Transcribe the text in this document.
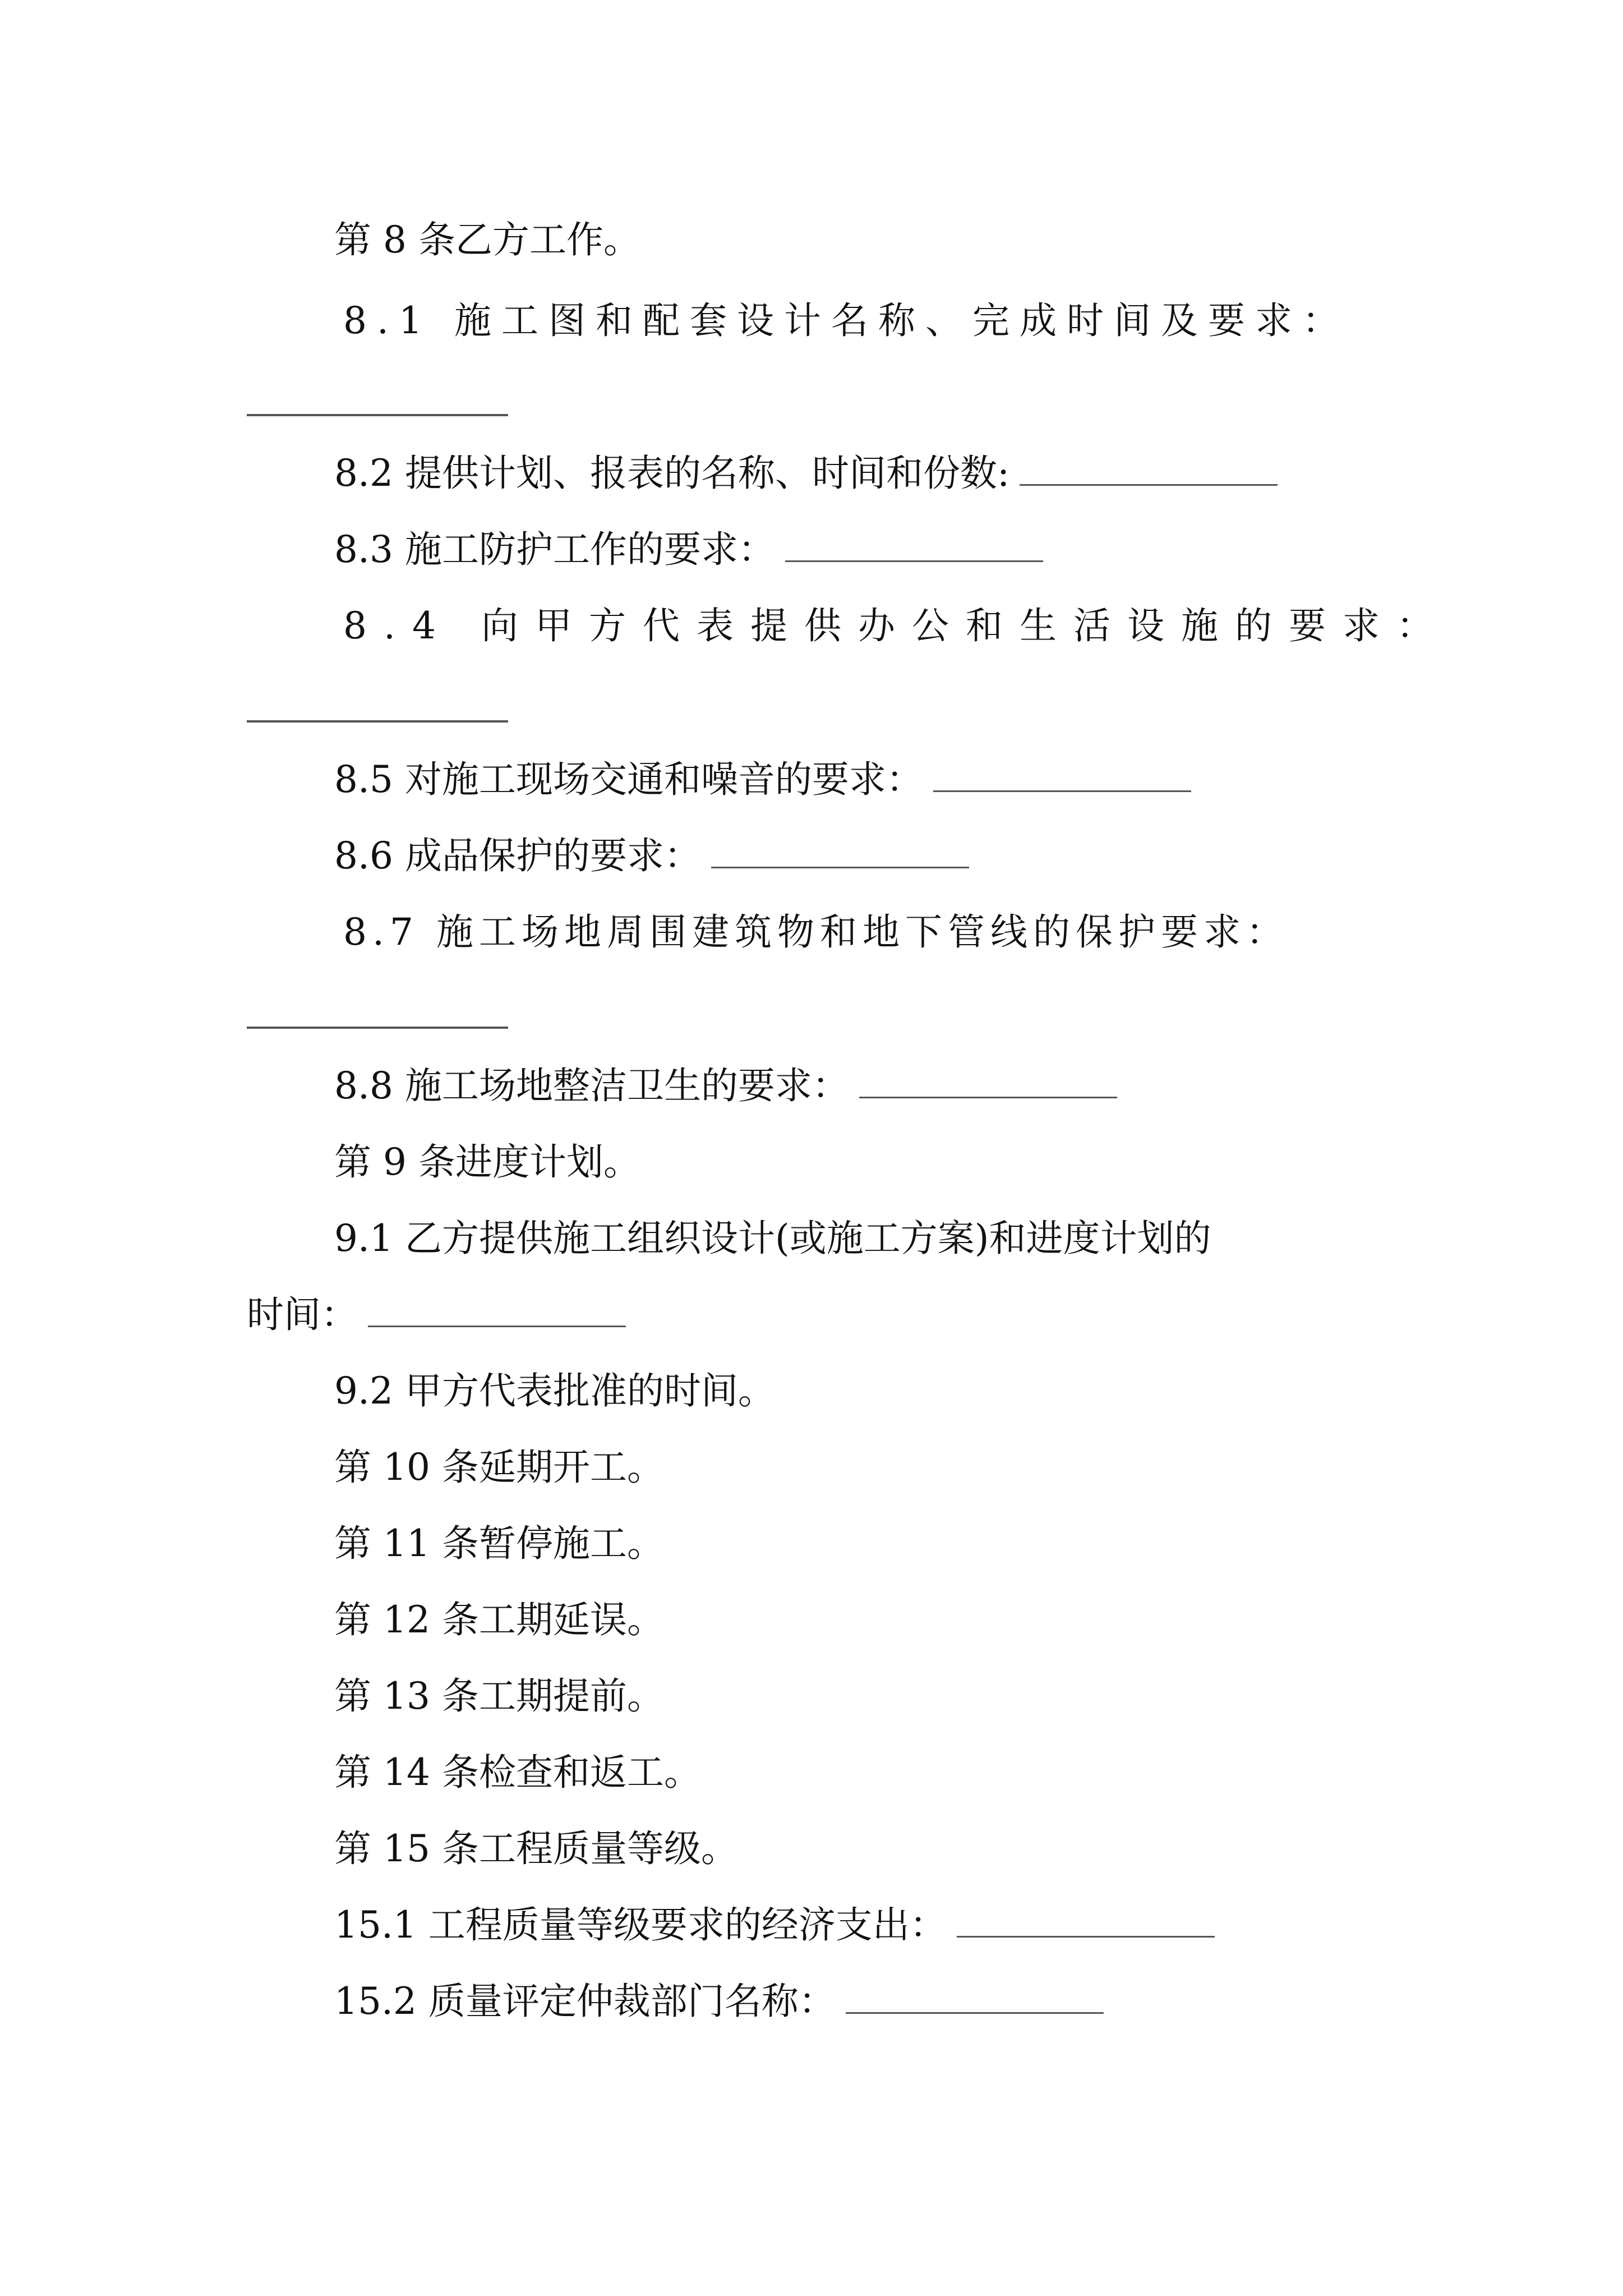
第 8 条乙方工作。
8.1 施工图和配套设计名称、完成时间及要求：
8.2 提供计划、报表的名称、时间和份数:
8.3 施工防护工作的要求：
8.4 向甲方代表提供办公和生活设施的要求：
8.5 对施工现场交通和噪音的要求：
8.6 成品保护的要求：
8.7 施工场地周围建筑物和地下管线的保护要求：
8.8 施工场地整洁卫生的要求：
第 9 条进度计划。
9.1 乙方提供施工组织设计(或施工方案)和进度计划的
时间：
9.2 甲方代表批准的时间。
第 10 条延期开工。
第 11 条暂停施工。
第 12 条工期延误。
第 13 条工期提前。
第 14 条检查和返工。
第 15 条工程质量等级。
15.1 工程质量等级要求的经济支出：
15.2 质量评定仲裁部门名称：
